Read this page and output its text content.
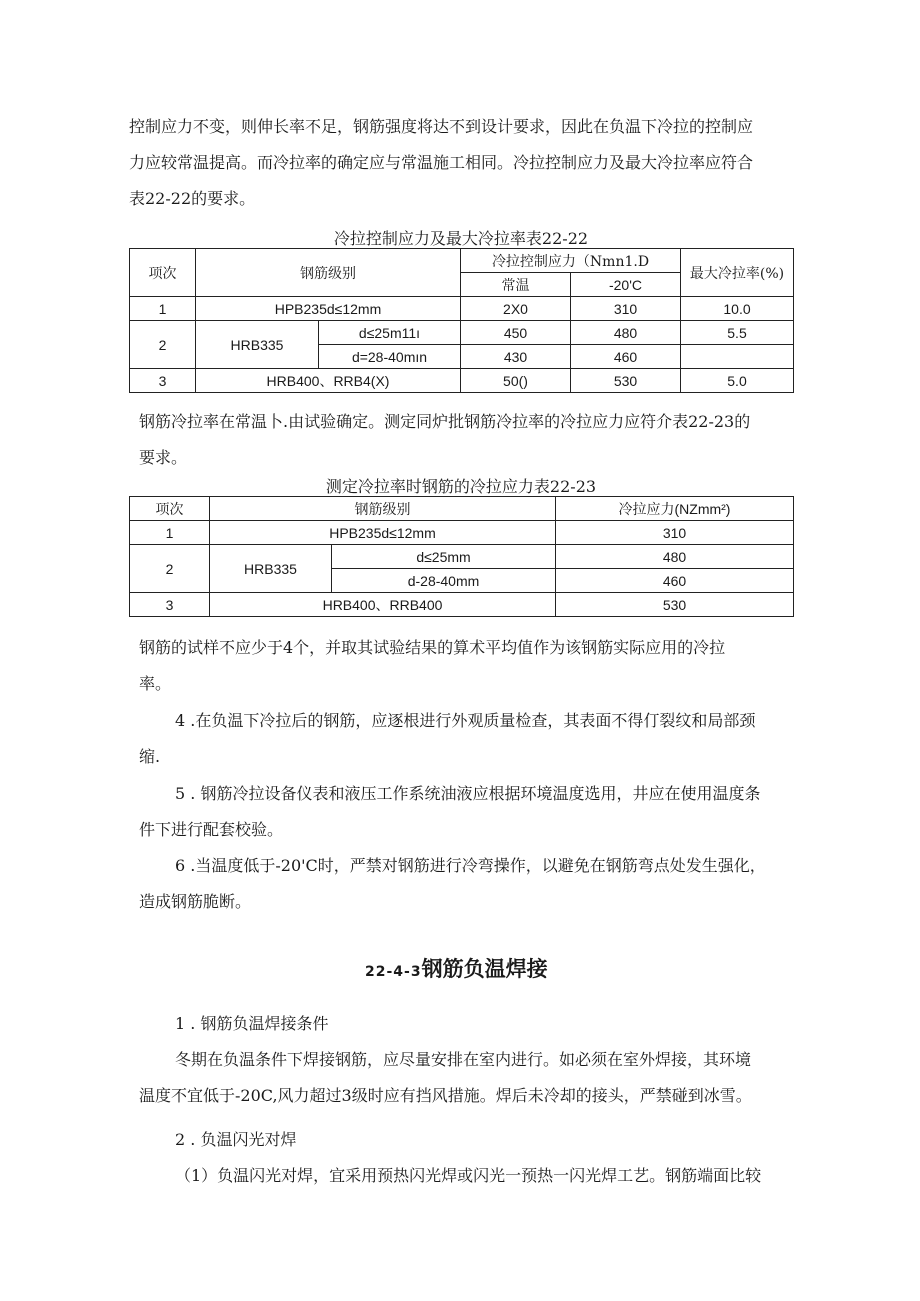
控制应力不变，则伸长率不足，钢筋强度将达不到设计要求，因此在负温下冷拉的控制应
力应较常温提高。而冷拉率的确定应与常温施工相同。冷拉控制应力及最大冷拉率应符合
表22-22的要求。
冷拉控制应力及最大冷拉率表22-22
项次	钢筋级别		冷拉控制应力（Nmn1.D		最大冷拉率(%)
			常温	-20'C	
1	HPB235d≤12mm		2X0	310	10.0
2	HRB335	d≤25m11ı	450	480	5.5
		d=28-40mın	430	460	
3	HRB400、RRB4(X)		50()	530	5.0
钢筋冷拉率在常温卜.由试验确定。测定同炉批钢筋冷拉率的冷拉应力应符介表22-23的
要求。
测定冷拉率时钢筋的冷拉应力表22-23
项次	钢筋级别		冷拉应力(NZmm²)
1	HPB235d≤12mm		310
2	HRB335	d≤25mm	480
		d-28-40mm	460
3	HRB400、RRB400		530
钢筋的试样不应少于4个，并取其试验结果的算术平均值作为该钢筋实际应用的冷拉
率。
4 .在负温下冷拉后的钢筋，应逐根进行外观质量检查，其表面不得仃裂纹和局部颈
缩.
5 . 钢筋冷拉设备仪表和液压工作系统油液应根据环境温度选用，井应在使用温度条
件下进行配套校验。
6 .当温度低于-20'C时，严禁对钢筋进行冷弯操作，以避免在钢筋弯点处发生强化，
造成钢筋脆断。
22-4-3钢筋负温焊接
1 . 钢筋负温焊接条件
冬期在负温条件下焊接钢筋，应尽量安排在室内进行。如必须在室外焊接，其环境
温度不宜低于-20C,风力超过3级时应有挡风措施。焊后未冷却的接头，严禁碰到冰雪。
2 . 负温闪光对焊
（1）负温闪光对焊，宜采用预热闪光焊或闪光一预热一闪光焊工艺。钢筋端面比较
